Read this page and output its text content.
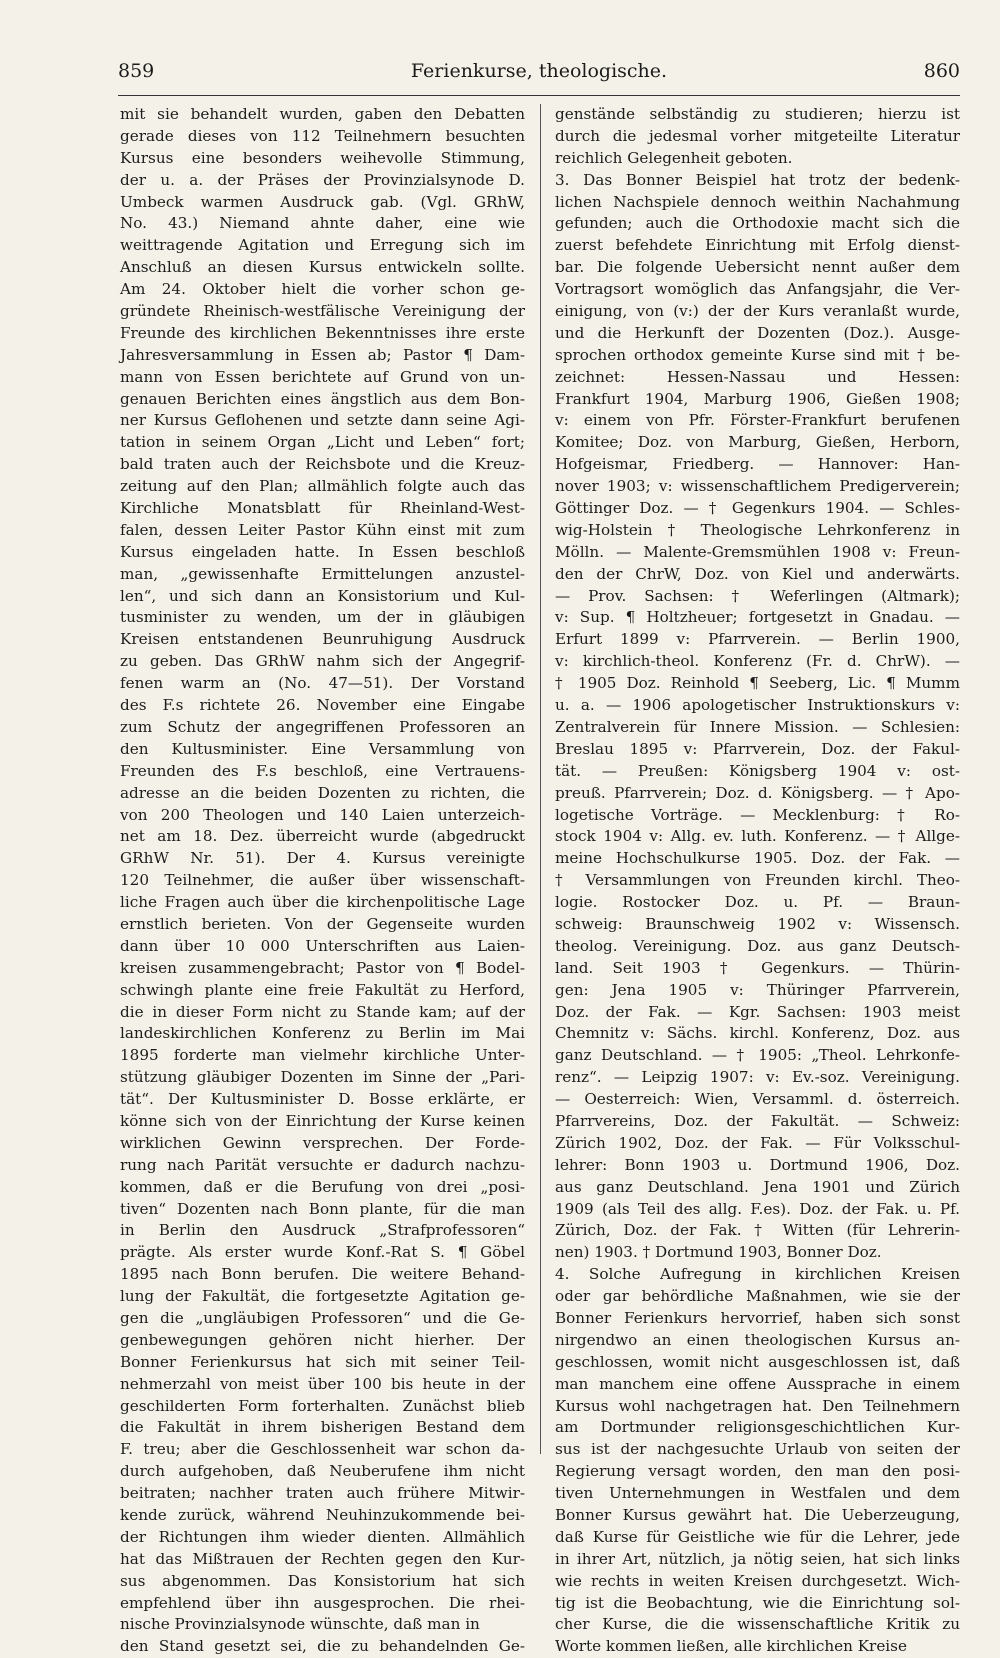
859	Ferienkurse, theologische.	860
mit sie behandelt wurden, gaben den Debatten
gerade dieses von 112 Teilnehmern besuchten
Kursus eine besonders weihevolle Stimmung,
der u. a. der Präses der Provinzialsynode D.
Umbeck warmen Ausdruck gab. (Vgl. GRhW,
No. 43.) Niemand ahnte daher, eine wie
weittragende Agitation und Erregung sich im
Anschluß an diesen Kursus entwickeln sollte.
Am 24. Oktober hielt die vorher schon ge-
gründete Rheinisch-westfälische Vereinigung der
Freunde des kirchlichen Bekenntnisses ihre erste
Jahresversammlung in Essen ab; Pastor ¶ Dam-
mann von Essen berichtete auf Grund von un-
genauen Berichten eines ängstlich aus dem Bon-
ner Kursus Geflohenen und setzte dann seine Agi-
tation in seinem Organ „Licht und Leben“ fort;
bald traten auch der Reichsbote und die Kreuz-
zeitung auf den Plan; allmählich folgte auch das
Kirchliche Monatsblatt für Rheinland-West-
falen, dessen Leiter Pastor Kühn einst mit zum
Kursus eingeladen hatte. In Essen beschloß
man, „gewissenhafte Ermittelungen anzustel-
len“, und sich dann an Konsistorium und Kul-
tusminister zu wenden, um der in gläubigen
Kreisen entstandenen Beunruhigung Ausdruck
zu geben. Das GRhW nahm sich der Angegrif-
fenen warm an (No. 47—51). Der Vorstand
des F.s richtete 26. November eine Eingabe
zum Schutz der angegriffenen Professoren an
den Kultusminister. Eine Versammlung von
Freunden des F.s beschloß, eine Vertrauens-
adresse an die beiden Dozenten zu richten, die
von 200 Theologen und 140 Laien unterzeich-
net am 18. Dez. überreicht wurde (abgedruckt
GRhW Nr. 51). Der 4. Kursus vereinigte
120 Teilnehmer, die außer über wissenschaft-
liche Fragen auch über die kirchenpolitische Lage
ernstlich berieten. Von der Gegenseite wurden
dann über 10 000 Unterschriften aus Laien-
kreisen zusammengebracht; Pastor von ¶ Bodel-
schwingh plante eine freie Fakultät zu Herford,
die in dieser Form nicht zu Stande kam; auf der
landeskirchlichen Konferenz zu Berlin im Mai
1895 forderte man vielmehr kirchliche Unter-
stützung gläubiger Dozenten im Sinne der „Pari-
tät“. Der Kultusminister D. Bosse erklärte, er
könne sich von der Einrichtung der Kurse keinen
wirklichen Gewinn versprechen. Der Forde-
rung nach Parität versuchte er dadurch nachzu-
kommen, daß er die Berufung von drei „posi-
tiven“ Dozenten nach Bonn plante, für die man
in Berlin den Ausdruck „Strafprofessoren“
prägte. Als erster wurde Konf.-Rat S. ¶ Göbel
1895 nach Bonn berufen. Die weitere Behand-
lung der Fakultät, die fortgesetzte Agitation ge-
gen die „ungläubigen Professoren“ und die Ge-
genbewegungen gehören nicht hierher. Der
Bonner Ferienkursus hat sich mit seiner Teil-
nehmerzahl von meist über 100 bis heute in der
geschilderten Form forterhalten. Zunächst blieb
die Fakultät in ihrem bisherigen Bestand dem
F. treu; aber die Geschlossenheit war schon da-
durch aufgehoben, daß Neuberufene ihm nicht
beitraten; nachher traten auch frühere Mitwir-
kende zurück, während Neuhinzukommende bei-
der Richtungen ihm wieder dienten. Allmählich
hat das Mißtrauen der Rechten gegen den Kur-
sus abgenommen. Das Konsistorium hat sich
empfehlend über ihn ausgesprochen. Die rhei-
nische Provinzialsynode wünschte, daß man in
den Stand gesetzt sei, die zu behandelnden Ge-
genstände selbständig zu studieren; hierzu ist
durch die jedesmal vorher mitgeteilte Literatur
reichlich Gelegenheit geboten.
3. Das Bonner Beispiel hat trotz der bedenk-
lichen Nachspiele dennoch weithin Nachahmung
gefunden; auch die Orthodoxie macht sich die
zuerst befehdete Einrichtung mit Erfolg dienst-
bar. Die folgende Uebersicht nennt außer dem
Vortragsort womöglich das Anfangsjahr, die Ver-
einigung, von (v:) der der Kurs veranlaßt wurde,
und die Herkunft der Dozenten (Doz.). Ausge-
sprochen orthodox gemeinte Kurse sind mit † be-
zeichnet: Hessen-Nassau und Hessen:
Frankfurt 1904, Marburg 1906, Gießen 1908;
v: einem von Pfr. Förster-Frankfurt berufenen
Komitee; Doz. von Marburg, Gießen, Herborn,
Hofgeismar, Friedberg. — Hannover: Han-
nover 1903; v: wissenschaftlichem Predigerverein;
Göttinger Doz. — † Gegenkurs 1904. — Schles-
wig-Holstein † Theologische Lehrkonferenz in
Mölln. — Malente-Gremsmühlen 1908 v: Freun-
den der ChrW, Doz. von Kiel und anderwärts.
— Prov. Sachsen: † Weferlingen (Altmark);
v: Sup. ¶ Holtzheuer; fortgesetzt in Gnadau. —
Erfurt 1899 v: Pfarrverein. — Berlin 1900,
v: kirchlich-theol. Konferenz (Fr. d. ChrW). —
† 1905 Doz. Reinhold ¶ Seeberg, Lic. ¶ Mumm
u. a. — 1906 apologetischer Instruktionskurs v:
Zentralverein für Innere Mission. — Schlesien:
Breslau 1895 v: Pfarrverein, Doz. der Fakul-
tät. — Preußen: Königsberg 1904 v: ost-
preuß. Pfarrverein; Doz. d. Königsberg. — † Apo-
logetische Vorträge. — Mecklenburg: † Ro-
stock 1904 v: Allg. ev. luth. Konferenz. — † Allge-
meine Hochschulkurse 1905. Doz. der Fak. —
† Versammlungen von Freunden kirchl. Theo-
logie. Rostocker Doz. u. Pf. — Braun-
schweig: Braunschweig 1902 v: Wissensch.
theolog. Vereinigung. Doz. aus ganz Deutsch-
land. Seit 1903 † Gegenkurs. — Thürin-
gen: Jena 1905 v: Thüringer Pfarrverein,
Doz. der Fak. — Kgr. Sachsen: 1903 meist
Chemnitz v: Sächs. kirchl. Konferenz, Doz. aus
ganz Deutschland. — † 1905: „Theol. Lehrkonfe-
renz“. — Leipzig 1907: v: Ev.-soz. Vereinigung.
— Oesterreich: Wien, Versamml. d. österreich.
Pfarrvereins, Doz. der Fakultät. — Schweiz:
Zürich 1902, Doz. der Fak. — Für Volksschul-
lehrer: Bonn 1903 u. Dortmund 1906, Doz.
aus ganz Deutschland. Jena 1901 und Zürich
1909 (als Teil des allg. F.es). Doz. der Fak. u. Pf.
Zürich, Doz. der Fak. † Witten (für Lehrerin-
nen) 1903. † Dortmund 1903, Bonner Doz.
4. Solche Aufregung in kirchlichen Kreisen
oder gar behördliche Maßnahmen, wie sie der
Bonner Ferienkurs hervorrief, haben sich sonst
nirgendwo an einen theologischen Kursus an-
geschlossen, womit nicht ausgeschlossen ist, daß
man manchem eine offene Aussprache in einem
Kursus wohl nachgetragen hat. Den Teilnehmern
am Dortmunder religionsgeschichtlichen Kur-
sus ist der nachgesuchte Urlaub von seiten der
Regierung versagt worden, den man den posi-
tiven Unternehmungen in Westfalen und dem
Bonner Kursus gewährt hat. Die Ueberzeugung,
daß Kurse für Geistliche wie für die Lehrer, jede
in ihrer Art, nützlich, ja nötig seien, hat sich links
wie rechts in weiten Kreisen durchgesetzt. Wich-
tig ist die Beobachtung, wie die Einrichtung sol-
cher Kurse, die die wissenschaftliche Kritik zu
Worte kommen ließen, alle kirchlichen Kreise
